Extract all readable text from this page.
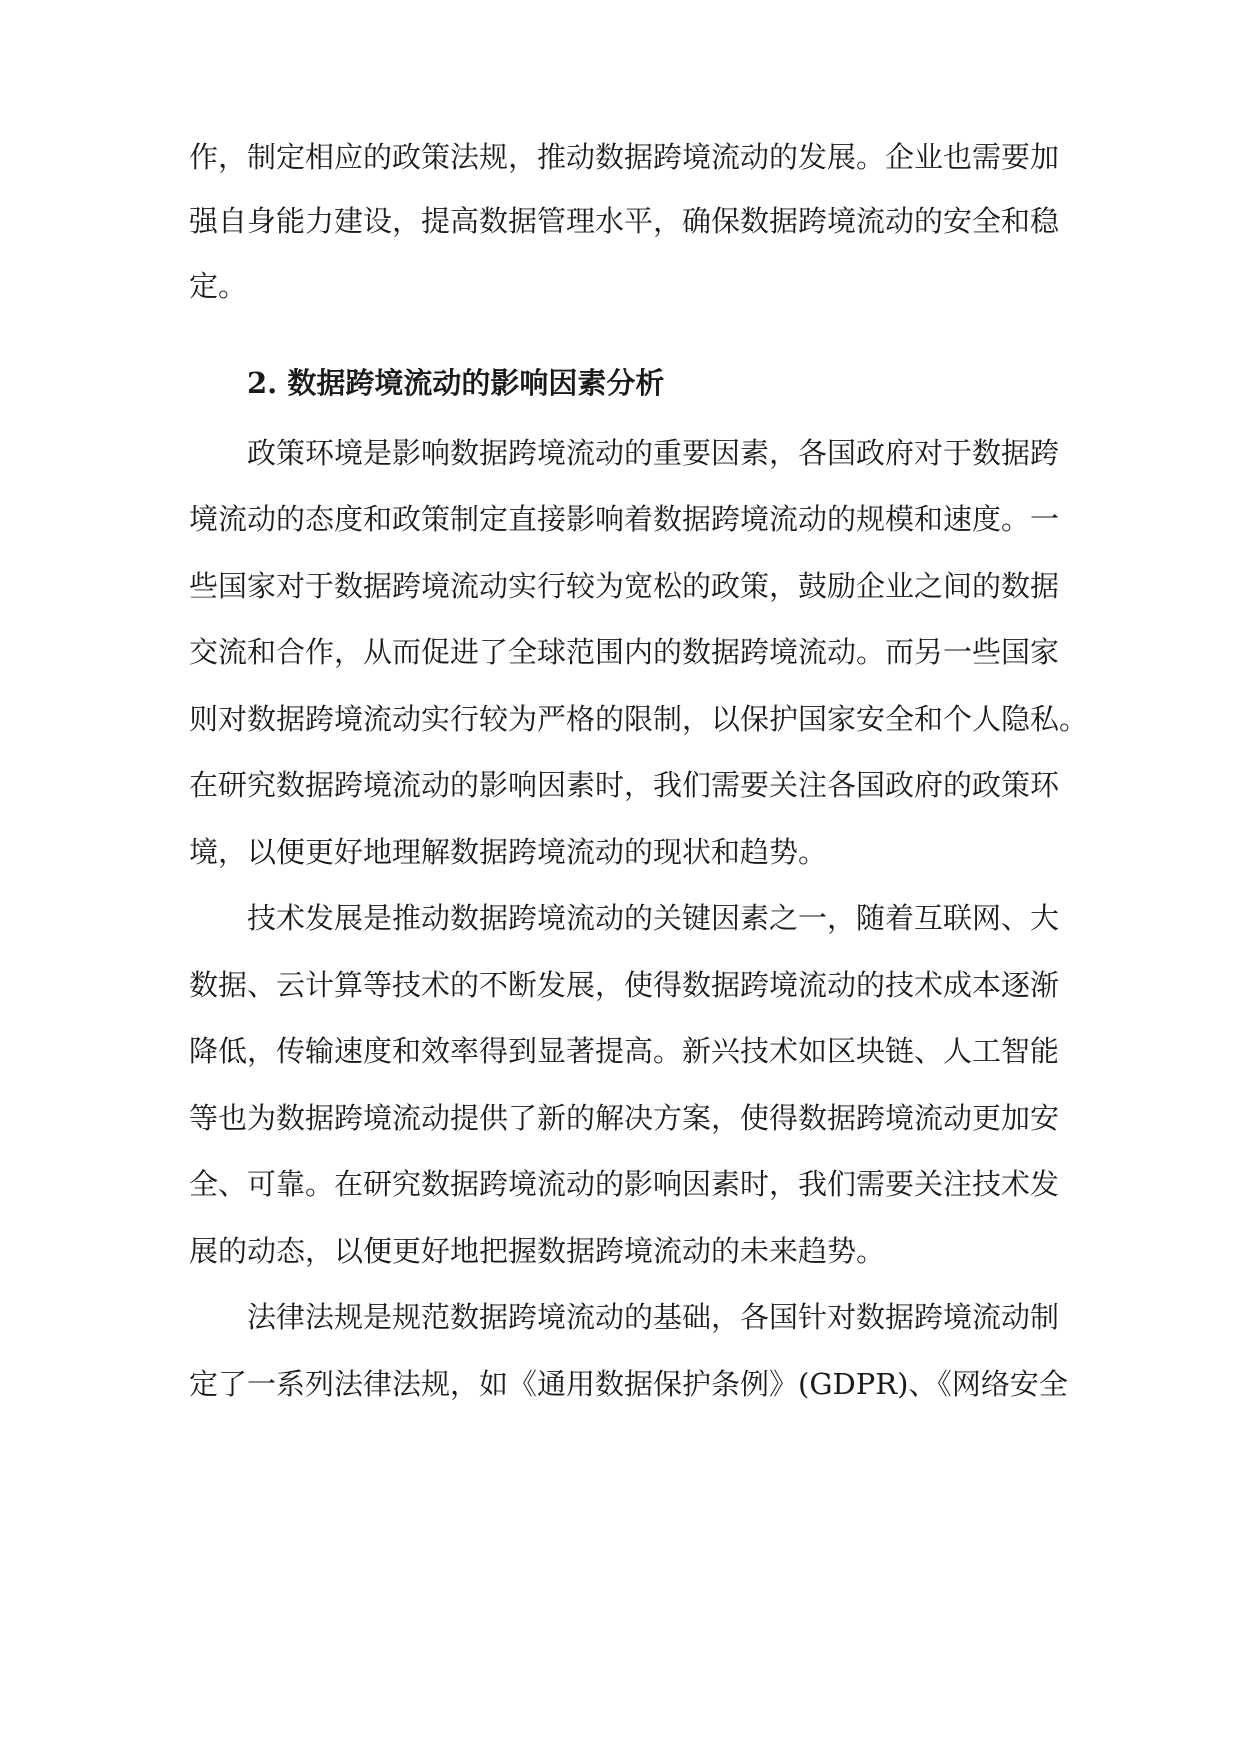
作，制定相应的政策法规，推动数据跨境流动的发展。企业也需要加
强自身能力建设，提高数据管理水平，确保数据跨境流动的安全和稳
定。
2. 数据跨境流动的影响因素分析
政策环境是影响数据跨境流动的重要因素，各国政府对于数据跨
境流动的态度和政策制定直接影响着数据跨境流动的规模和速度。一
些国家对于数据跨境流动实行较为宽松的政策，鼓励企业之间的数据
交流和合作，从而促进了全球范围内的数据跨境流动。而另一些国家
则对数据跨境流动实行较为严格的限制，以保护国家安全和个人隐私。
在研究数据跨境流动的影响因素时，我们需要关注各国政府的政策环
境，以便更好地理解数据跨境流动的现状和趋势。
技术发展是推动数据跨境流动的关键因素之一，随着互联网、大
数据、云计算等技术的不断发展，使得数据跨境流动的技术成本逐渐
降低，传输速度和效率得到显著提高。新兴技术如区块链、人工智能
等也为数据跨境流动提供了新的解决方案，使得数据跨境流动更加安
全、可靠。在研究数据跨境流动的影响因素时，我们需要关注技术发
展的动态，以便更好地把握数据跨境流动的未来趋势。
法律法规是规范数据跨境流动的基础，各国针对数据跨境流动制
定了一系列法律法规，如《通用数据保护条例》(GDPR)、《网络安全
